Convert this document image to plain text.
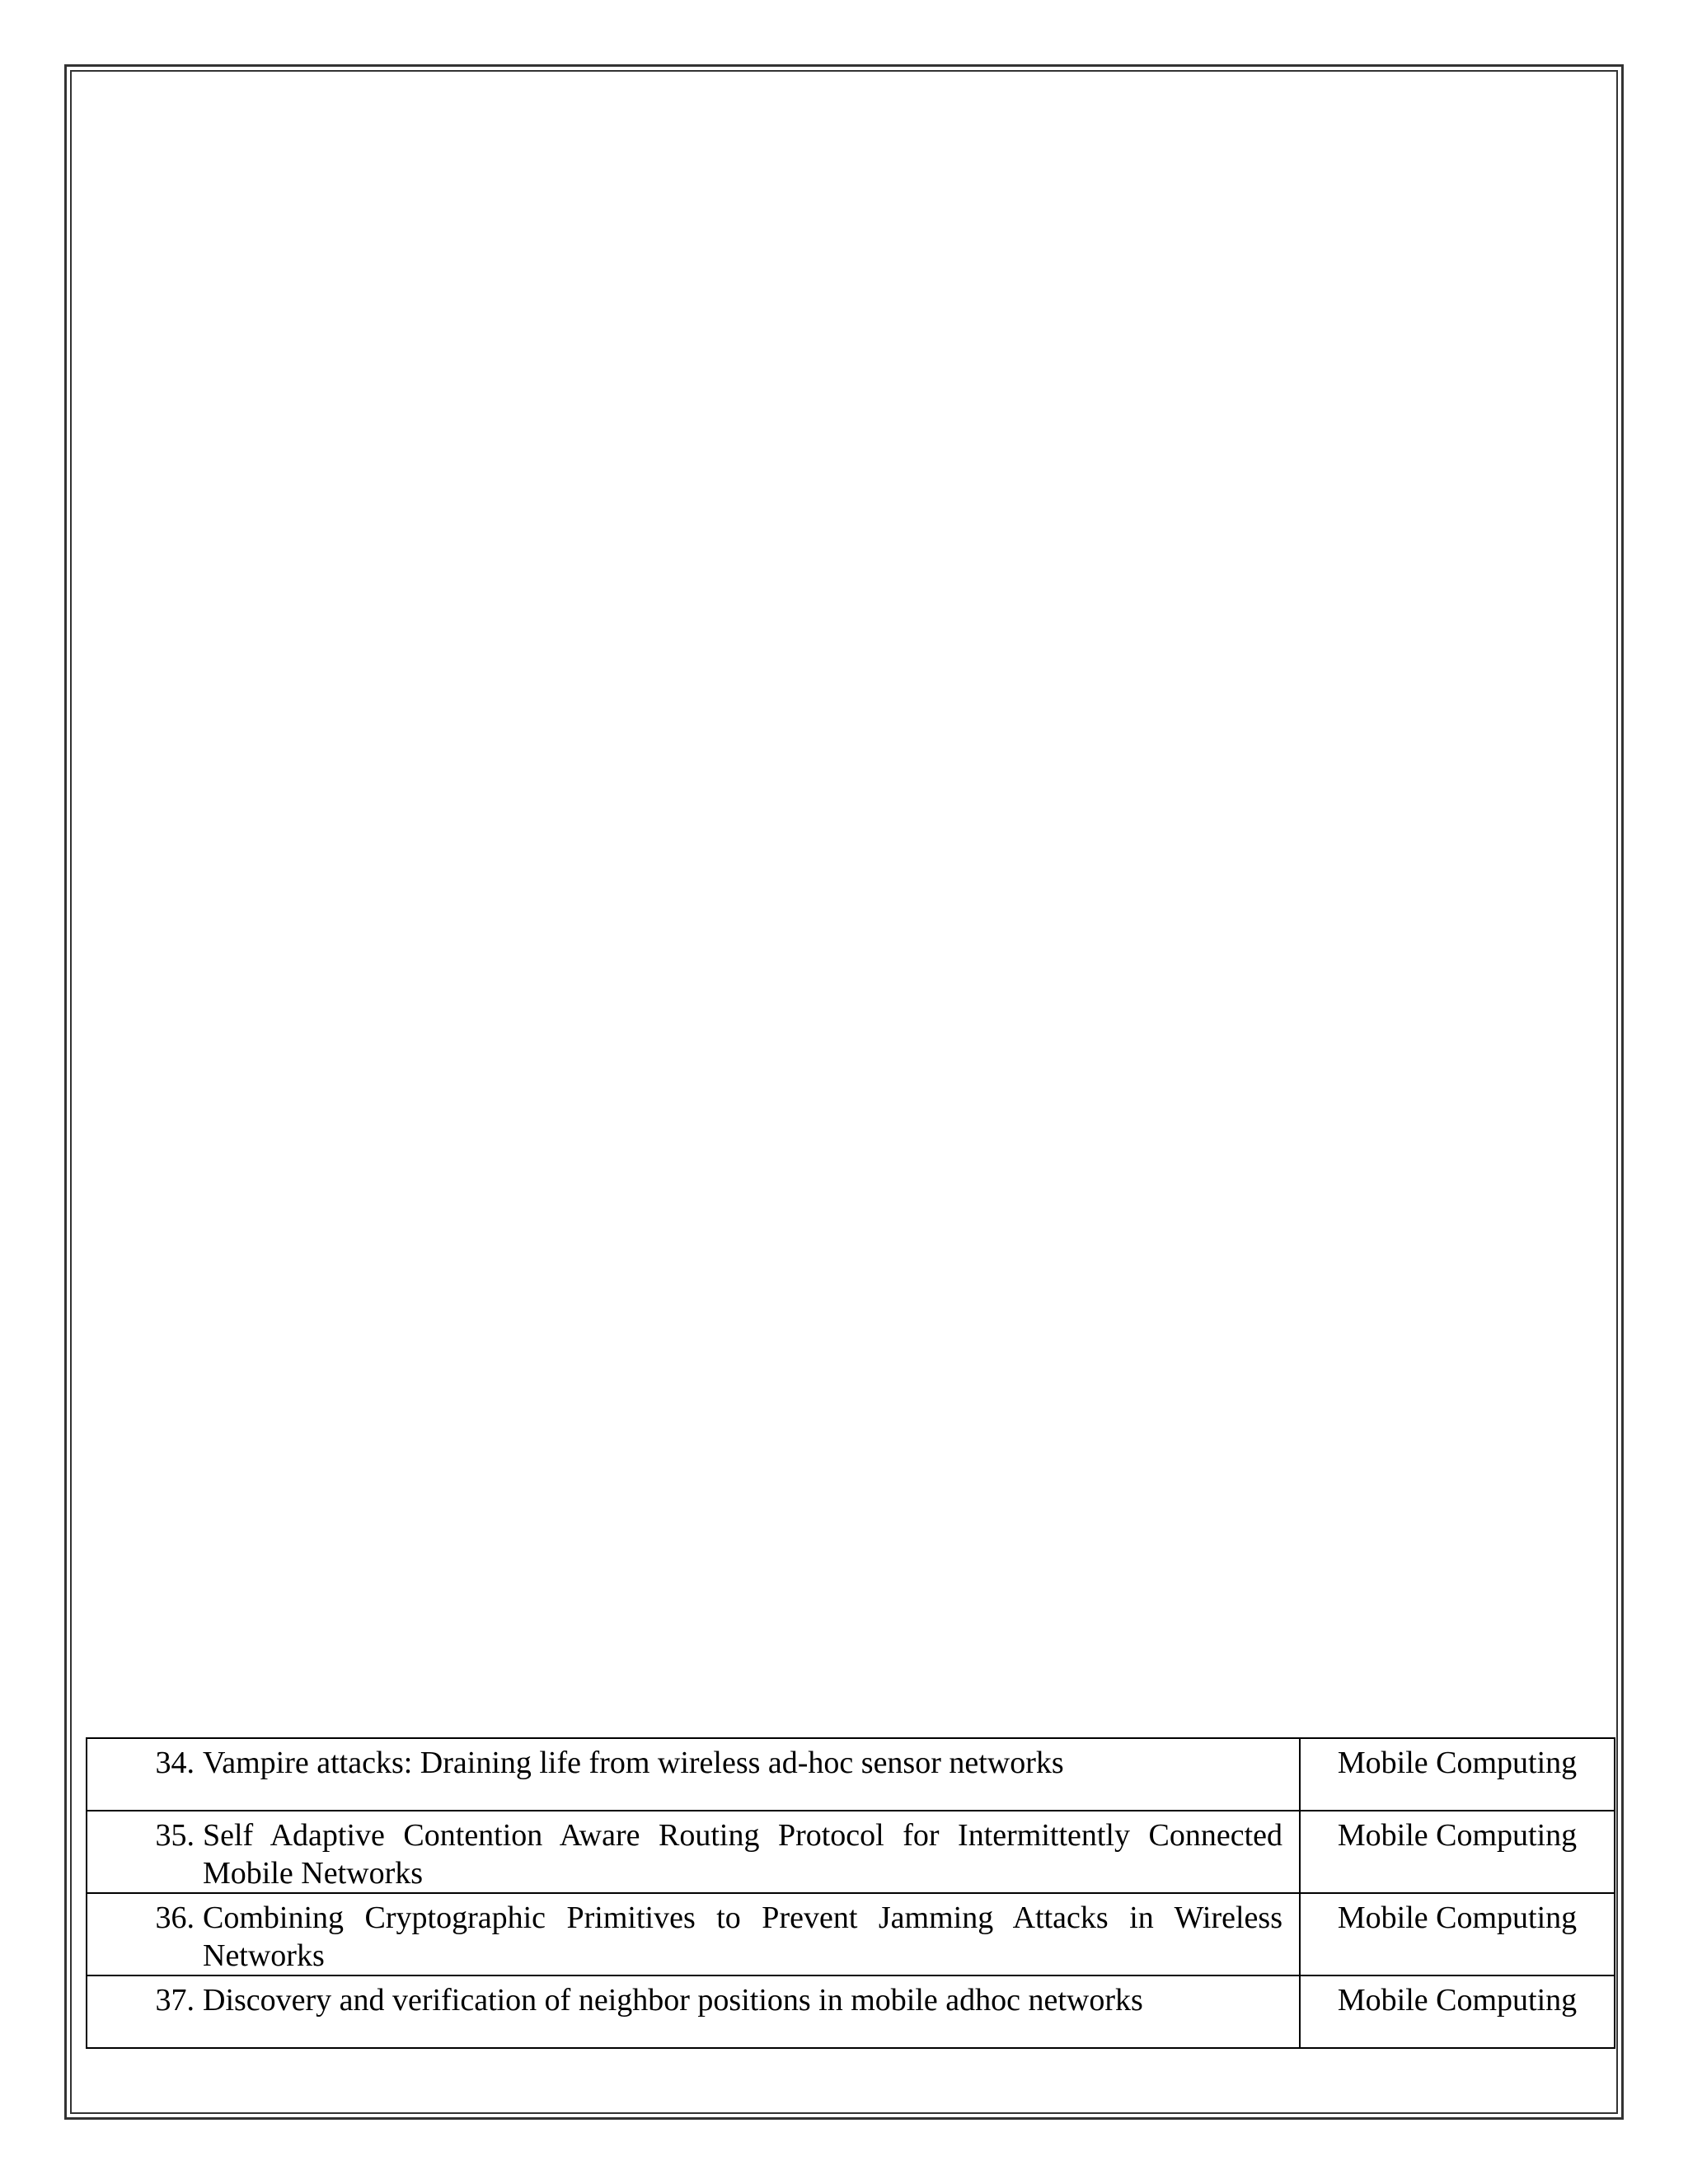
34. Vampire attacks: Draining life from wireless ad-hoc sensor networks	Mobile Computing

35. Self Adaptive Contention Aware Routing Protocol for Intermittently Connected Mobile Networks	Mobile Computing

36. Combining Cryptographic Primitives to Prevent Jamming Attacks in Wireless Networks	Mobile Computing

37. Discovery and verification of neighbor positions in mobile adhoc networks	Mobile Computing
